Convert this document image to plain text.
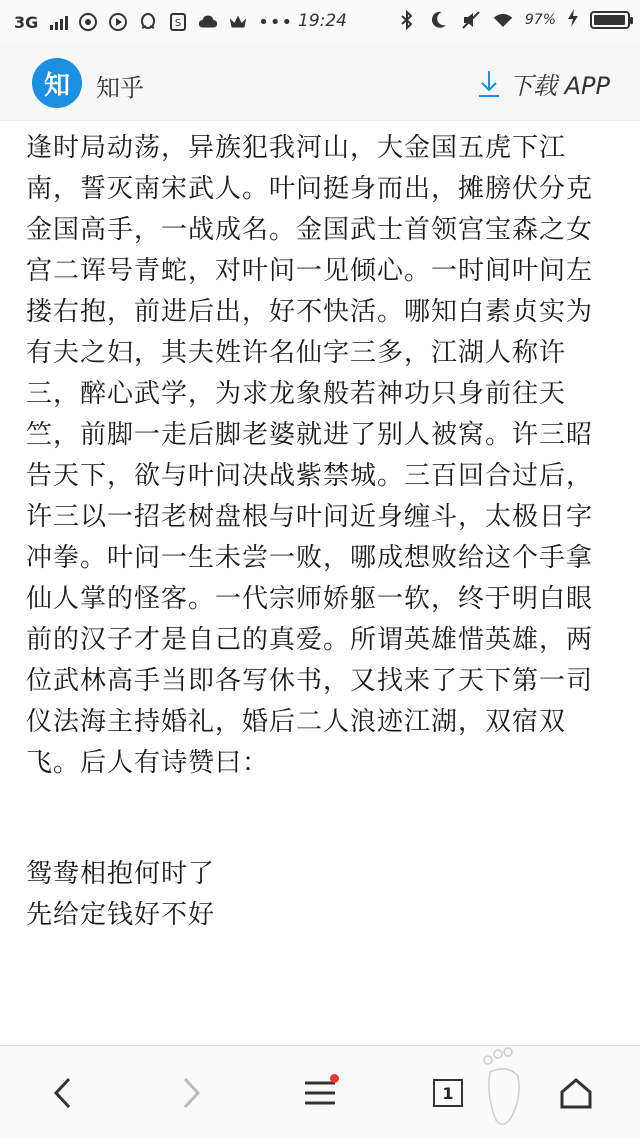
3G	S	••• 19:24	97%
知	知乎	下载 APP

逢时局动荡，异族犯我河山，大金国五虎下江南，誓灭南宋武人。叶问挺身而出，摊膀伏分克金国高手，一战成名。金国武士首领宫宝森之女宫二诨号青蛇，对叶问一见倾心。一时间叶问左搂右抱，前进后出，好不快活。哪知白素贞实为有夫之妇，其夫姓许名仙字三多，江湖人称许三，醉心武学，为求龙象般若神功只身前往天竺，前脚一走后脚老婆就进了别人被窝。许三昭告天下，欲与叶问决战紫禁城。三百回合过后，许三以一招老树盘根与叶问近身缠斗，太极日字冲拳。叶问一生未尝一败，哪成想败给这个手拿仙人掌的怪客。一代宗师娇躯一软，终于明白眼前的汉子才是自己的真爱。所谓英雄惜英雄，两位武林高手当即各写休书，又找来了天下第一司仪法海主持婚礼，婚后二人浪迹江湖，双宿双飞。后人有诗赞曰：

鸳鸯相抱何时了

先给定钱好不好

1
